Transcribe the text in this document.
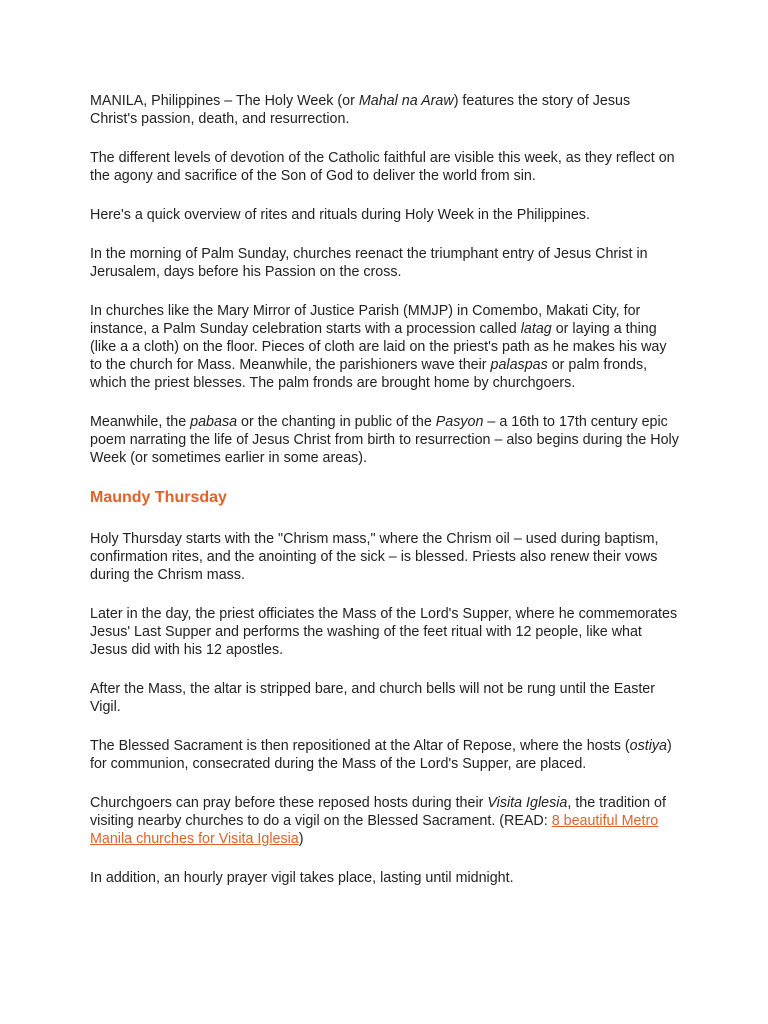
MANILA, Philippines – The Holy Week (or Mahal na Araw) features the story of Jesus Christ's passion, death, and resurrection.

The different levels of devotion of the Catholic faithful are visible this week, as they reflect on the agony and sacrifice of the Son of God to deliver the world from sin.

Here's a quick overview of rites and rituals during Holy Week in the Philippines.

In the morning of Palm Sunday, churches reenact the triumphant entry of Jesus Christ in Jerusalem, days before his Passion on the cross.

In churches like the Mary Mirror of Justice Parish (MMJP) in Comembo, Makati City, for instance, a Palm Sunday celebration starts with a procession called latag or laying a thing (like a a cloth) on the floor. Pieces of cloth are laid on the priest's path as he makes his way to the church for Mass. Meanwhile, the parishioners wave their palaspas or palm fronds, which the priest blesses. The palm fronds are brought home by churchgoers.

Meanwhile, the pabasa or the chanting in public of the Pasyon – a 16th to 17th century epic poem narrating the life of Jesus Christ from birth to resurrection – also begins during the Holy Week (or sometimes earlier in some areas).

Maundy Thursday

Holy Thursday starts with the "Chrism mass," where the Chrism oil – used during baptism, confirmation rites, and the anointing of the sick – is blessed. Priests also renew their vows during the Chrism mass.

Later in the day, the priest officiates the Mass of the Lord's Supper, where he commemorates Jesus' Last Supper and performs the washing of the feet ritual with 12 people, like what Jesus did with his 12 apostles.

After the Mass, the altar is stripped bare, and church bells will not be rung until the Easter Vigil.

The Blessed Sacrament is then repositioned at the Altar of Repose, where the hosts (ostiya) for communion, consecrated during the Mass of the Lord's Supper, are placed.

Churchgoers can pray before these reposed hosts during their Visita Iglesia, the tradition of visiting nearby churches to do a vigil on the Blessed Sacrament. (READ: 8 beautiful Metro Manila churches for Visita Iglesia)

In addition, an hourly prayer vigil takes place, lasting until midnight.
